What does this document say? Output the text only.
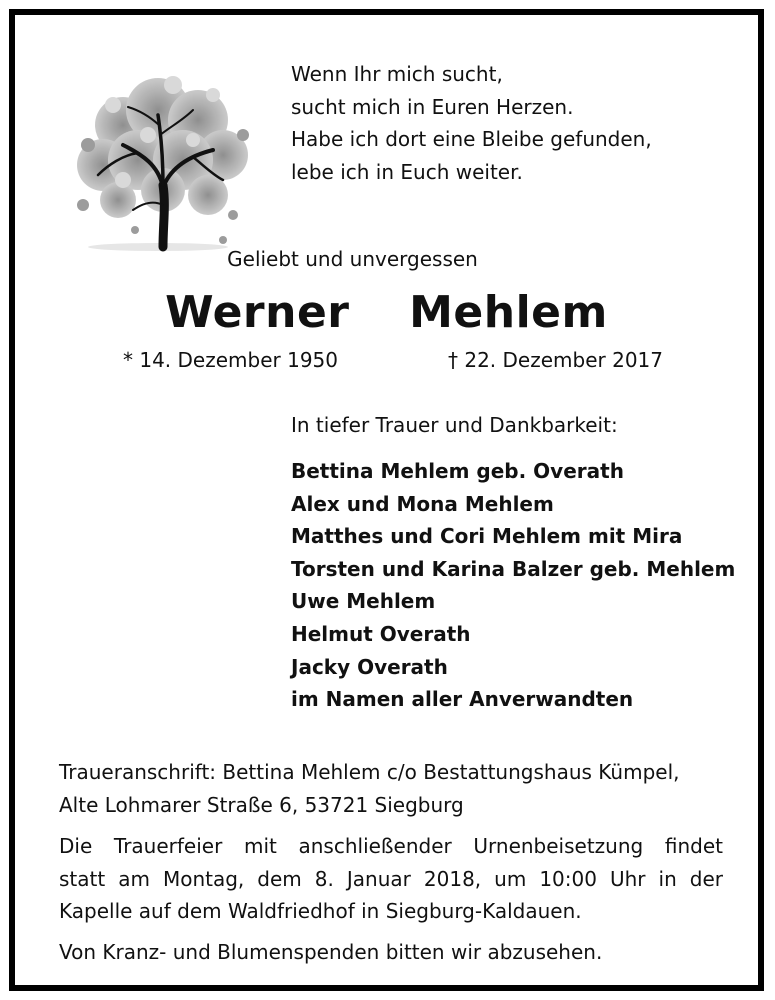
Wenn Ihr mich sucht,
sucht mich in Euren Herzen.
Habe ich dort eine Bleibe gefunden,
lebe ich in Euch weiter.
Geliebt und unvergessen
Werner  Mehlem
* 14. Dezember 1950	† 22. Dezember 2017
In tiefer Trauer und Dankbarkeit:
Bettina Mehlem geb. Overath
Alex und Mona Mehlem
Matthes und Cori Mehlem mit Mira
Torsten und Karina Balzer geb. Mehlem
Uwe Mehlem
Helmut Overath
Jacky Overath
im Namen aller Anverwandten
Traueranschrift: Bettina Mehlem c/o Bestattungshaus Kümpel,
Alte Lohmarer Straße 6, 53721 Siegburg
Die Trauerfeier mit anschließender Urnenbeisetzung findet
statt am Montag, dem 8. Januar 2018, um 10:00 Uhr in der
Kapelle auf dem Waldfriedhof in Siegburg-Kaldauen.
Von Kranz- und Blumenspenden bitten wir abzusehen.
